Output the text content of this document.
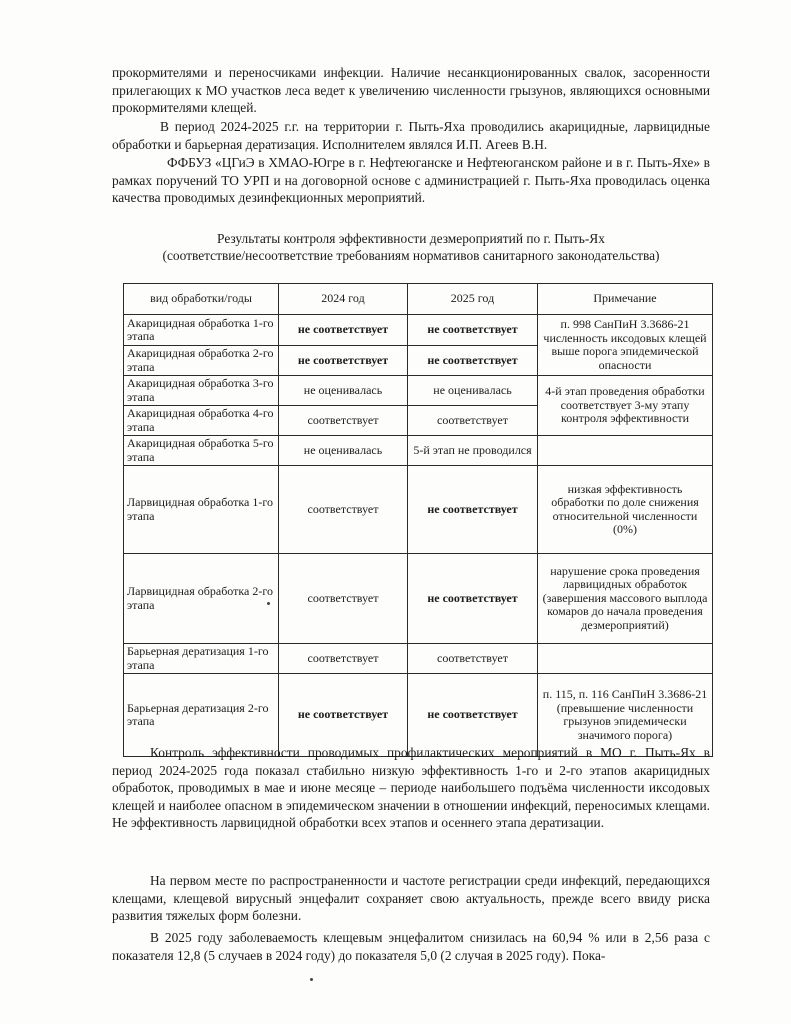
прокормителями и переносчиками инфекции. Наличие несанкционированных свалок, засоренности прилегающих к МО участков леса ведет к увеличению численности грызунов, являющихся основными прокормителями клещей.

В период 2024-2025 г.г. на территории г. Пыть-Яха проводились акарицидные, ларвицидные обработки и барьерная дератизация. Исполнителем являлся И.П. Агеев В.Н.

ФФБУЗ «ЦГиЭ в ХМАО-Югре в г. Нефтеюганске и Нефтеюганском районе и в г. Пыть-Яхе» в рамках поручений ТО УРП и на договорной основе с администрацией г. Пыть-Яха проводилась оценка качества проводимых дезинфекционных мероприятий.

Результаты контроля эффективности дезмероприятий по г. Пыть-Ях
(соответствие/несоответствие требованиям нормативов санитарного законодательства)
вид обработки/годы	2024 год	2025 год	Примечание
Акарицидная обработка 1-го этапа	не соответствует	не соответствует	п. 998 СанПиН 3.3686-21 численность иксодовых клещей выше порога эпидемической опасности
Акарицидная обработка 2-го этапа	не соответствует	не соответствует	
Акарицидная обработка 3-го этапа	не оценивалась	не оценивалась	4-й этап проведения обработки соответствует 3-му этапу контроля эффективности
Акарицидная обработка 4-го этапа	соответствует	соответствует	
Акарицидная обработка 5-го этапа	не оценивалась	5-й этап не проводился	
Ларвицидная обработка 1-го этапа	соответствует	не соответствует	низкая эффективность обработки по доле снижения относительной численности (0%)
Ларвицидная обработка 2-го этапа	соответствует	не соответствует	нарушение срока проведения ларвицидных обработок (завершения массового выплода комаров до начала проведения дезмероприятий)
Барьерная дератизация 1-го этапа	соответствует	соответствует	
Барьерная дератизация 2-го этапа	не соответствует	не соответствует	п. 115, п. 116 СанПиН 3.3686-21 (превышение численности грызунов эпидемически значимого порога)

Контроль эффективности проводимых профилактических мероприятий в МО г. Пыть-Ях в период 2024-2025 года показал стабильно низкую эффективность 1-го и 2-го этапов акарицидных обработок, проводимых в мае и июне месяце – периоде наибольшего подъёма численности иксодовых клещей и наиболее опасном в эпидемическом значении в отношении инфекций, переносимых клещами. Не эффективность ларвицидной обработки всех этапов и осеннего этапа дератизации.

На первом месте по распространенности и частоте регистрации среди инфекций, передающихся клещами, клещевой вирусный энцефалит сохраняет свою актуальность, прежде всего ввиду риска развития тяжелых форм болезни.

В 2025 году заболеваемость клещевым энцефалитом снизилась на 60,94 % или в 2,56 раза с показателя 12,8 (5 случаев в 2024 году) до показателя 5,0 (2 случая в 2025 году). Пока-
